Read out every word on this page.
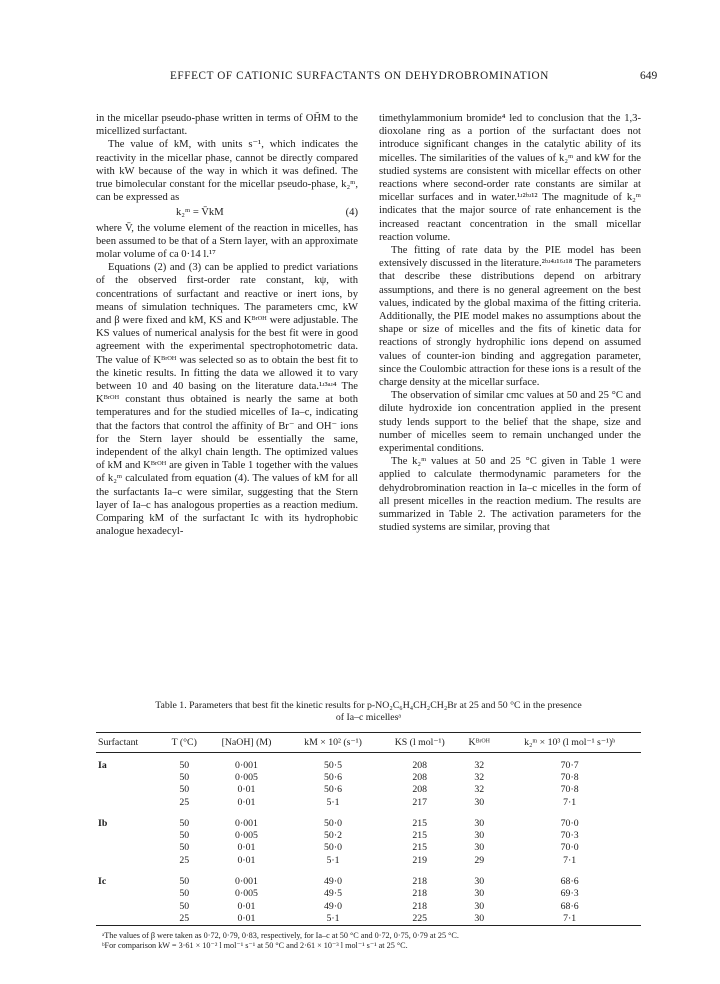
EFFECT OF CATIONIC SURFACTANTS ON DEHYDROBROMINATION	649

in the micellar pseudo-phase written in terms of OH̃M to the micellized surfactant.

The value of kM, with units s⁻¹, which indicates the reactivity in the micellar phase, cannot be directly compared with kW because of the way in which it was defined. The true bimolecular constant for the micellar pseudo-phase, k₂ᵐ, can be expressed as

k₂ᵐ = V̄kM	(4)

where V̄, the volume element of the reaction in micelles, has been assumed to be that of a Stern layer, with an approximate molar volume of ca 0·14 l.¹⁷

Equations (2) and (3) can be applied to predict variations of the observed first-order rate constant, kψ, with concentrations of surfactant and reactive or inert ions, by means of simulation techniques. The parameters cmc, kW and β were fixed and kM, KS and Kᴮʳᴼᴴ were adjustable. The KS values of numerical analysis for the best fit were in good agreement with the experimental spectrophotometric data. The value of Kᴮʳᴼᴴ was selected so as to obtain the best fit to the kinetic results. In fitting the data we allowed it to vary between 10 and 40 basing on the literature data.¹ʴ³ᵃʴ⁴ The Kᴮʳᴼᴴ constant thus obtained is nearly the same at both temperatures and for the studied micelles of Ia–c, indicating that the factors that control the affinity of Br⁻ and OH⁻ ions for the Stern layer should be essentially the same, independent of the alkyl chain length. The optimized values of kM and Kᴮʳᴼᴴ are given in Table 1 together with the values of k₂ᵐ calculated from equation (4). The values of kM for all the surfactants Ia–c were similar, suggesting that the Stern layer of Ia–c has analogous properties as a reaction medium. Comparing kM of the surfactant Ic with its hydrophobic analogue hexadecyl-

timethylammonium bromide⁴ led to conclusion that the 1,3-dioxolane ring as a portion of the surfactant does not introduce significant changes in the catalytic ability of its micelles. The similarities of the values of k₂ᵐ and kW for the studied systems are consistent with micellar effects on other reactions where second-order rate constants are similar at micellar surfaces and in water.¹ʴ²ᵇʴ¹² The magnitude of k₂ᵐ indicates that the major source of rate enhancement is the increased reactant concentration in the small micellar reaction volume.

The fitting of rate data by the PIE model has been extensively discussed in the literature.²ᵇʴ⁴ʴ¹⁶ʴ¹⁸ The parameters that describe these distributions depend on arbitrary assumptions, and there is no general agreement on the best values, indicated by the global maxima of the fitting criteria. Additionally, the PIE model makes no assumptions about the shape or size of micelles and the fits of kinetic data for reactions of strongly hydrophilic ions depend on assumed values of counter-ion binding and aggregation parameter, since the Coulombic attraction for these ions is a result of the charge density at the micellar surface.

The observation of similar cmc values at 50 and 25 °C and dilute hydroxide ion concentration applied in the present study lends support to the belief that the shape, size and number of micelles seem to remain unchanged under the experimental conditions.

The k₂ᵐ values at 50 and 25 °C given in Table 1 were applied to calculate thermodynamic parameters for the dehydrobromination reaction in Ia–c micelles in the form of all present micelles in the reaction medium. The results are summarized in Table 2. The activation parameters for the studied systems are similar, proving that

Table 1. Parameters that best fit the kinetic results for p-NO₂C₆H₄CH₂CH₂Br at 25 and 50 °C in the presence
of Ia–c micellesᵃ
Surfactant	T (°C)	[NaOH] (M)	kM × 10² (s⁻¹)	KS (l mol⁻¹)	Kᴮʳᴼᴴ	k₂ᵐ × 10³ (l mol⁻¹ s⁻¹)ᵇ
Ia	50	0·001	50·5	208	32	70·7
	50	0·005	50·6	208	32	70·8
	50	0·01	50·6	208	32	70·8
	25	0·01	5·1	217	30	7·1

Ib	50	0·001	50·0	215	30	70·0
	50	0·005	50·2	215	30	70·3
	50	0·01	50·0	215	30	70·0
	25	0·01	5·1	219	29	7·1

Ic	50	0·001	49·0	218	30	68·6
	50	0·005	49·5	218	30	69·3
	50	0·01	49·0	218	30	68·6
	25	0·01	5·1	225	30	7·1

ᵃThe values of β were taken as 0·72, 0·79, 0·83, respectively, for Ia–c at 50 °C and 0·72, 0·75, 0·79 at 25 °C.

ᵇFor comparison kW = 3·61 × 10⁻² l mol⁻¹ s⁻¹ at 50 °C and 2·61 × 10⁻³ l mol⁻¹ s⁻¹ at 25 °C.
